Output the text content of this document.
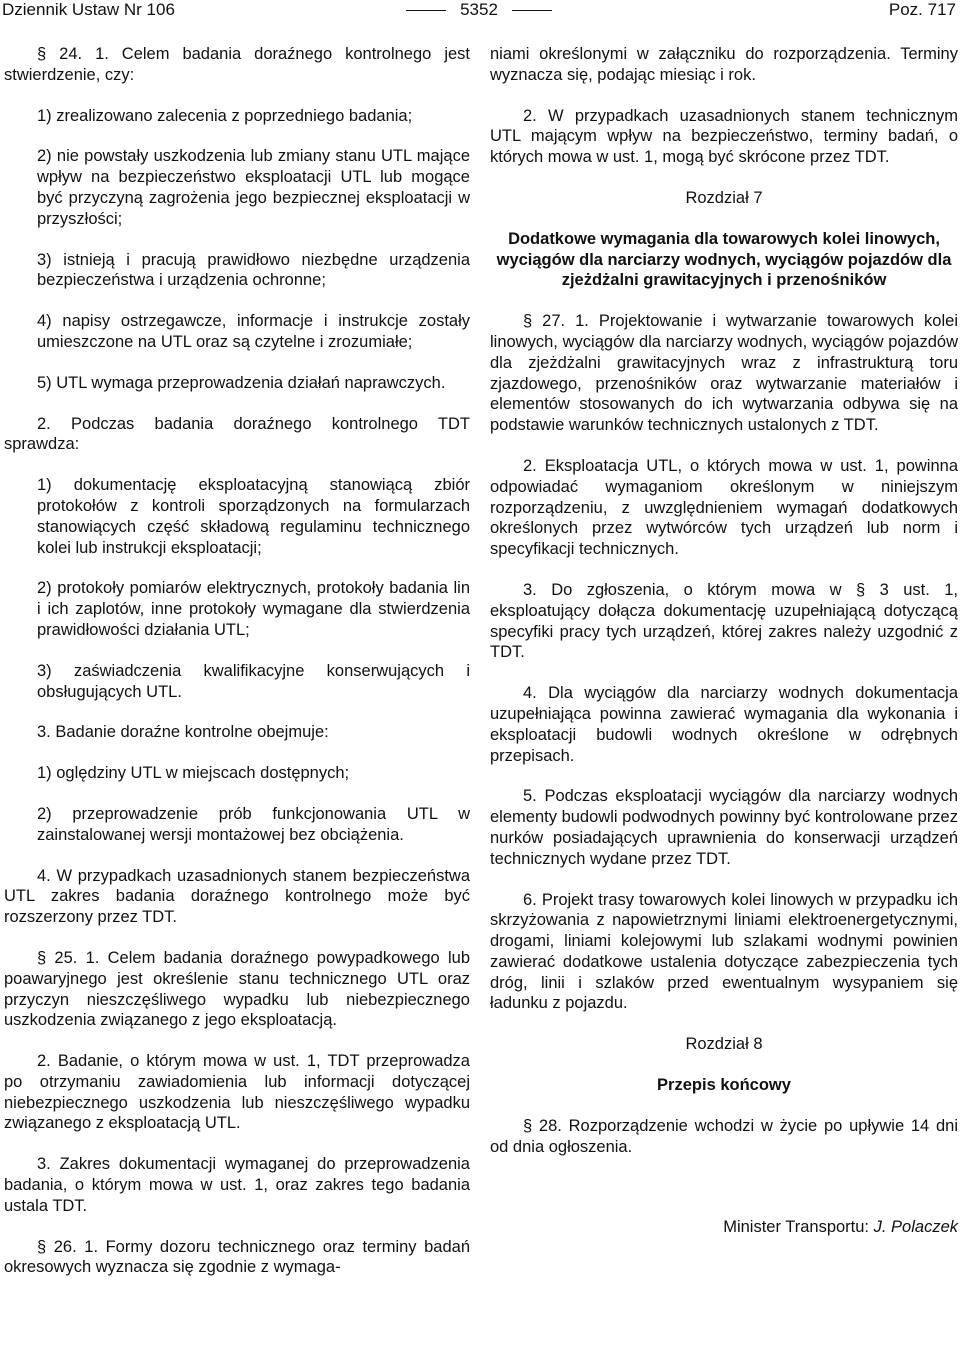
Dziennik Ustaw Nr 106	5352	Poz. 717

§ 24. 1. Celem badania doraźnego kontrolnego jest stwierdzenie, czy:

1) zrealizowano zalecenia z poprzedniego badania;

2) nie powstały uszkodzenia lub zmiany stanu UTL mające wpływ na bezpieczeństwo eksploatacji UTL lub mogące być przyczyną zagrożenia jego bezpiecznej eksploatacji w przyszłości;

3) istnieją i pracują prawidłowo niezbędne urządzenia bezpieczeństwa i urządzenia ochronne;

4) napisy ostrzegawcze, informacje i instrukcje zostały umieszczone na UTL oraz są czytelne i zrozumiałe;

5) UTL wymaga przeprowadzenia działań naprawczych.

2. Podczas badania doraźnego kontrolnego TDT sprawdza:

1) dokumentację eksploatacyjną stanowiącą zbiór protokołów z kontroli sporządzonych na formularzach stanowiących część składową regulaminu technicznego kolei lub instrukcji eksploatacji;

2) protokoły pomiarów elektrycznych, protokoły badania lin i ich zaplotów, inne protokoły wymagane dla stwierdzenia prawidłowości działania UTL;

3) zaświadczenia kwalifikacyjne konserwujących i obsługujących UTL.

3. Badanie doraźne kontrolne obejmuje:

1) oględziny UTL w miejscach dostępnych;

2) przeprowadzenie prób funkcjonowania UTL w zainstalowanej wersji montażowej bez obciążenia.

4. W przypadkach uzasadnionych stanem bezpieczeństwa UTL zakres badania doraźnego kontrolnego może być rozszerzony przez TDT.

§ 25. 1. Celem badania doraźnego powypadkowego lub poawaryjnego jest określenie stanu technicznego UTL oraz przyczyn nieszczęśliwego wypadku lub niebezpiecznego uszkodzenia związanego z jego eksploatacją.

2. Badanie, o którym mowa w ust. 1, TDT przeprowadza po otrzymaniu zawiadomienia lub informacji dotyczącej niebezpiecznego uszkodzenia lub nieszczęśliwego wypadku związanego z eksploatacją UTL.

3. Zakres dokumentacji wymaganej do przeprowadzenia badania, o którym mowa w ust. 1, oraz zakres tego badania ustala TDT.

§ 26. 1. Formy dozoru technicznego oraz terminy badań okresowych wyznacza się zgodnie z wymaga-

niami określonymi w załączniku do rozporządzenia. Terminy wyznacza się, podając miesiąc i rok.

2. W przypadkach uzasadnionych stanem technicznym UTL mającym wpływ na bezpieczeństwo, terminy badań, o których mowa w ust. 1, mogą być skrócone przez TDT.

Rozdział 7

Dodatkowe wymagania dla towarowych kolei linowych, wyciągów dla narciarzy wodnych, wyciągów pojazdów dla zjeżdżalni grawitacyjnych i przenośników

§ 27. 1. Projektowanie i wytwarzanie towarowych kolei linowych, wyciągów dla narciarzy wodnych, wyciągów pojazdów dla zjeżdżalni grawitacyjnych wraz z infrastrukturą toru zjazdowego, przenośników oraz wytwarzanie materiałów i elementów stosowanych do ich wytwarzania odbywa się na podstawie warunków technicznych ustalonych z TDT.

2. Eksploatacja UTL, o których mowa w ust. 1, powinna odpowiadać wymaganiom określonym w niniejszym rozporządzeniu, z uwzględnieniem wymagań dodatkowych określonych przez wytwórców tych urządzeń lub norm i specyfikacji technicznych.

3. Do zgłoszenia, o którym mowa w § 3 ust. 1, eksploatujący dołącza dokumentację uzupełniającą dotyczącą specyfiki pracy tych urządzeń, której zakres należy uzgodnić z TDT.

4. Dla wyciągów dla narciarzy wodnych dokumentacja uzupełniająca powinna zawierać wymagania dla wykonania i eksploatacji budowli wodnych określone w odrębnych przepisach.

5. Podczas eksploatacji wyciągów dla narciarzy wodnych elementy budowli podwodnych powinny być kontrolowane przez nurków posiadających uprawnienia do konserwacji urządzeń technicznych wydane przez TDT.

6. Projekt trasy towarowych kolei linowych w przypadku ich skrzyżowania z napowietrznymi liniami elektroenergetycznymi, drogami, liniami kolejowymi lub szlakami wodnymi powinien zawierać dodatkowe ustalenia dotyczące zabezpieczenia tych dróg, linii i szlaków przed ewentualnym wysypaniem się ładunku z pojazdu.

Rozdział 8

Przepis końcowy

§ 28. Rozporządzenie wchodzi w życie po upływie 14 dni od dnia ogłoszenia.

Minister Transportu: J. Polaczek
